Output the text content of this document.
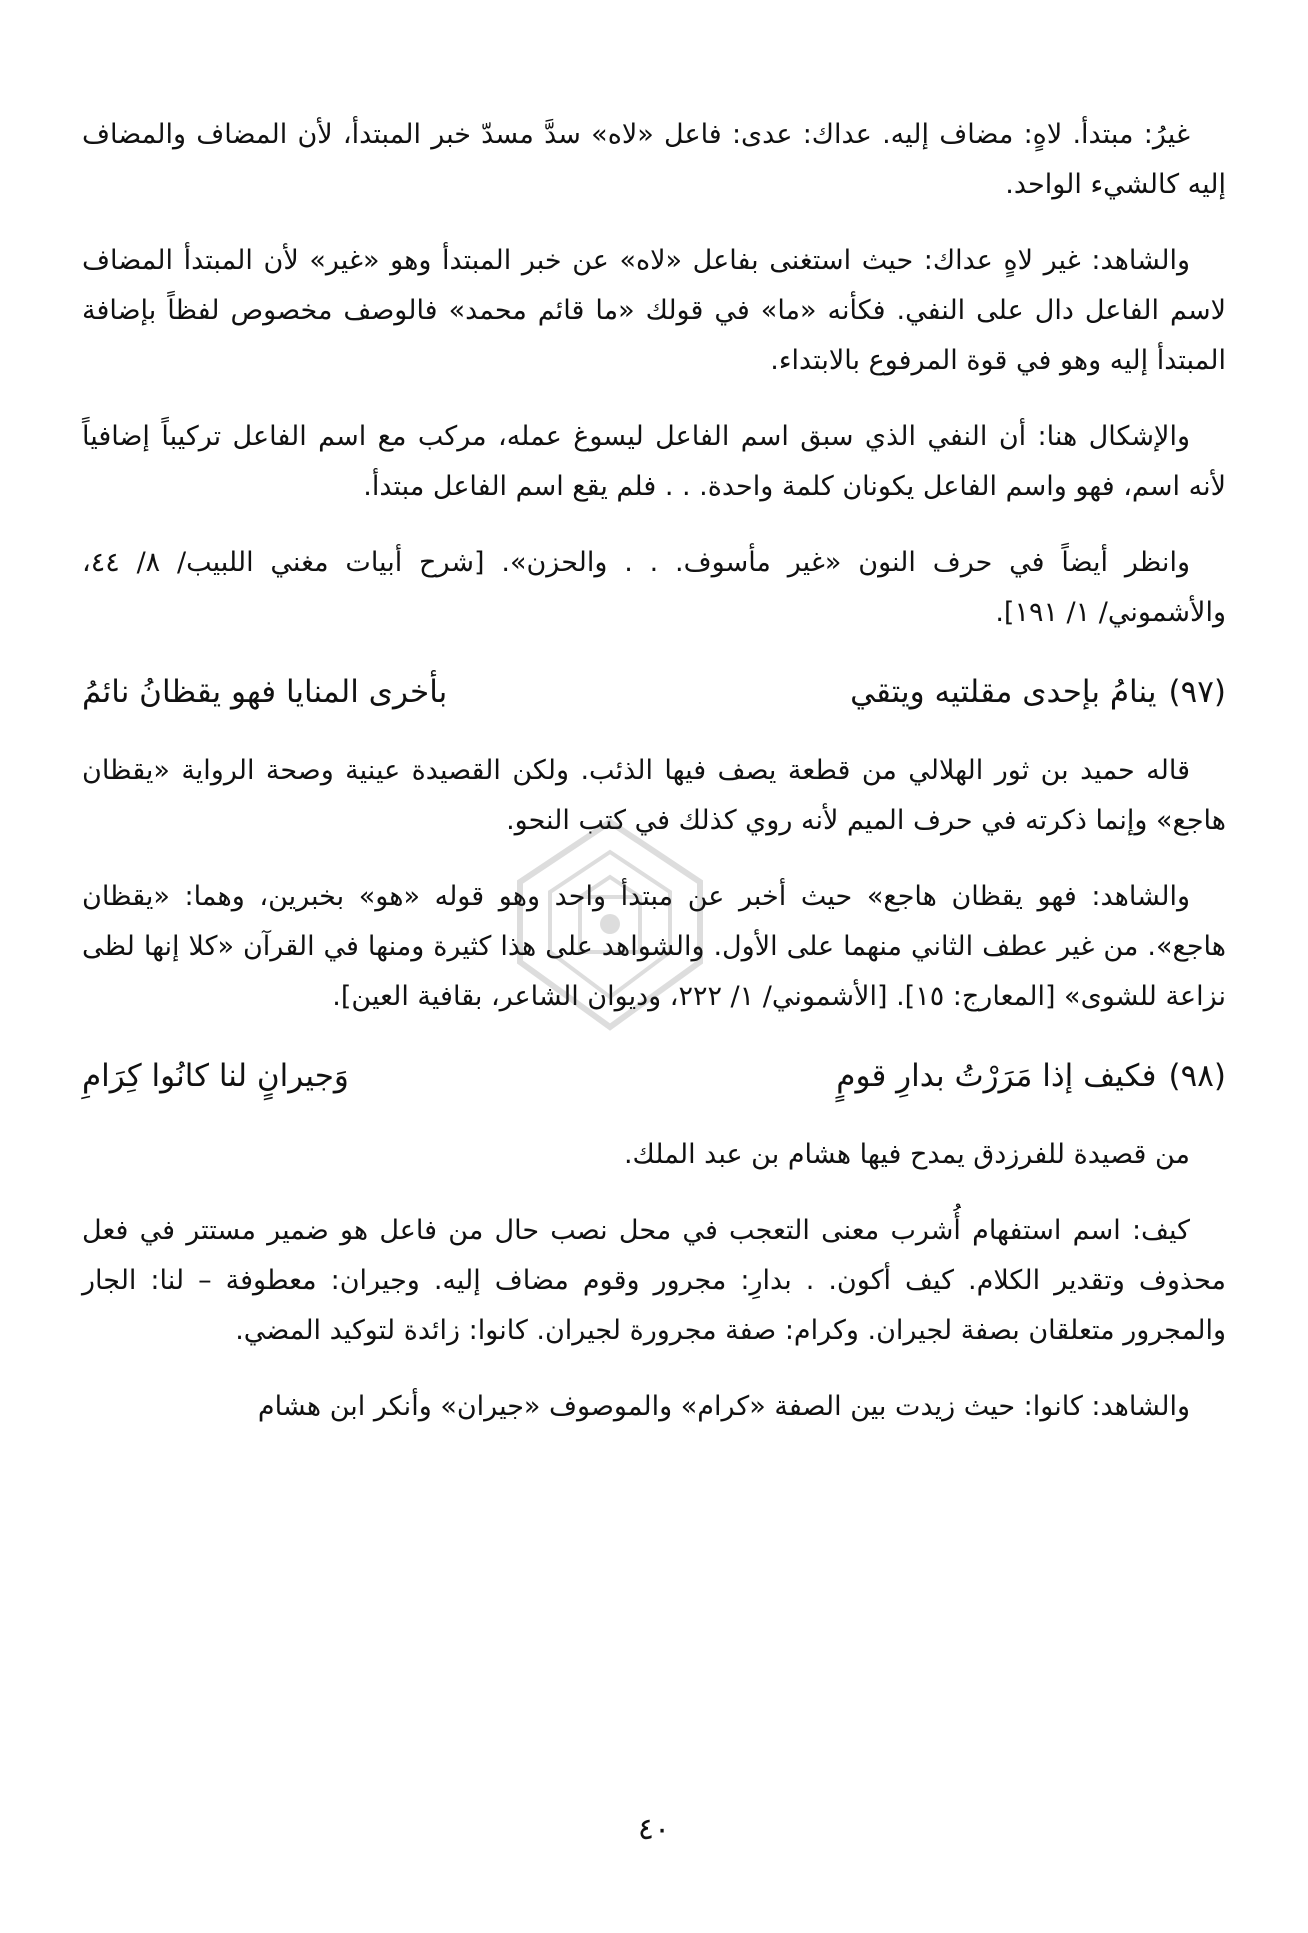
غيرُ: مبتدأ. لاهٍ: مضاف إليه. عداك: عدى: فاعل «لاه» سدَّ مسدّ خبر المبتدأ، لأن المضاف والمضاف إليه كالشيء الواحد.

والشاهد: غير لاهٍ عداك: حيث استغنى بفاعل «لاه» عن خبر المبتدأ وهو «غير» لأن المبتدأ المضاف لاسم الفاعل دال على النفي. فكأنه «ما» في قولك «ما قائم محمد» فالوصف مخصوص لفظاً بإضافة المبتدأ إليه وهو في قوة المرفوع بالابتداء.

والإشكال هنا: أن النفي الذي سبق اسم الفاعل ليسوغ عمله، مركب مع اسم الفاعل تركيباً إضافياً لأنه اسم، فهو واسم الفاعل يكونان كلمة واحدة. . . فلم يقع اسم الفاعل مبتدأ.

وانظر أيضاً في حرف النون «غير مأسوف. . . والحزن». [شرح أبيات مغني اللبيب/ ٨/ ٤٤، والأشموني/ ١/ ١٩١].

(٩٧)
ينامُ بإحدى مقلتيه ويتقي
بأخرى المنايا فهو يقظانُ نائمُ

قاله حميد بن ثور الهلالي من قطعة يصف فيها الذئب. ولكن القصيدة عينية وصحة الرواية «يقظان هاجع» وإنما ذكرته في حرف الميم لأنه روي كذلك في كتب النحو.

والشاهد: فهو يقظان هاجع» حيث أخبر عن مبتدأ واحد وهو قوله «هو» بخبرين، وهما: «يقظان هاجع». من غير عطف الثاني منهما على الأول. والشواهد على هذا كثيرة ومنها في القرآن «كلا إنها لظى نزاعة للشوى» [المعارج: ١٥]. [الأشموني/ ١/ ٢٢٢، وديوان الشاعر، بقافية العين].

(٩٨)
فكيف إذا مَرَرْتُ بدارِ قومٍ
وَجيرانٍ لنا كانُوا كِرَامِ

من قصيدة للفرزدق يمدح فيها هشام بن عبد الملك.

كيف: اسم استفهام أُشرب معنى التعجب في محل نصب حال من فاعل هو ضمير مستتر في فعل محذوف وتقدير الكلام. كيف أكون. . بدارِ: مجرور وقوم مضاف إليه. وجيران: معطوفة – لنا: الجار والمجرور متعلقان بصفة لجيران. وكرام: صفة مجرورة لجيران. كانوا: زائدة لتوكيد المضي.

والشاهد: كانوا: حيث زيدت بين الصفة «كرام» والموصوف «جيران» وأنكر ابن هشام

٤٠
